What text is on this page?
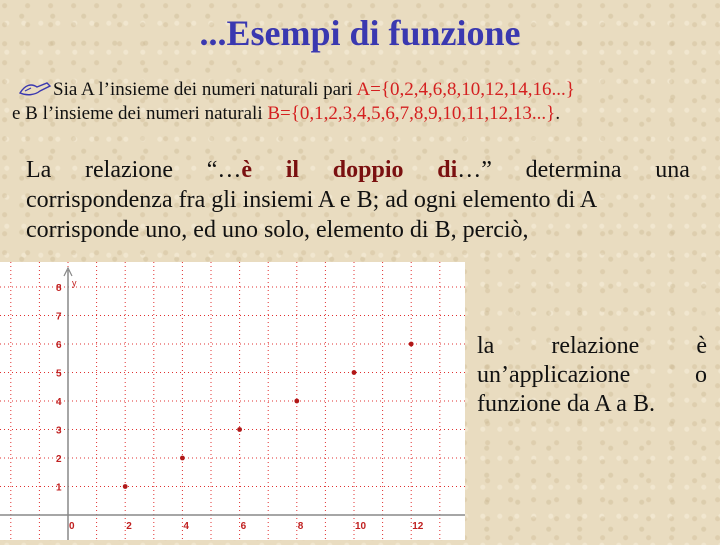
...Esempi di funzione
Sia A l’insieme dei numeri naturali pari A={0,2,4,6,8,10,12,14,16...}
e B l’insieme dei numeri naturali B={0,1,2,3,4,5,6,7,8,9,10,11,12,13...}.
La relazione “…è il doppio di…” determina una
corrispondenza fra gli insiemi A e B; ad ogni elemento di A
corrisponde uno, ed uno solo, elemento di B, perciò,
y
0	2	4	6	8	10	12
1
2
3
4
5
6
7
8
la relazione è
un’applicazione	o
funzione da A a B.
